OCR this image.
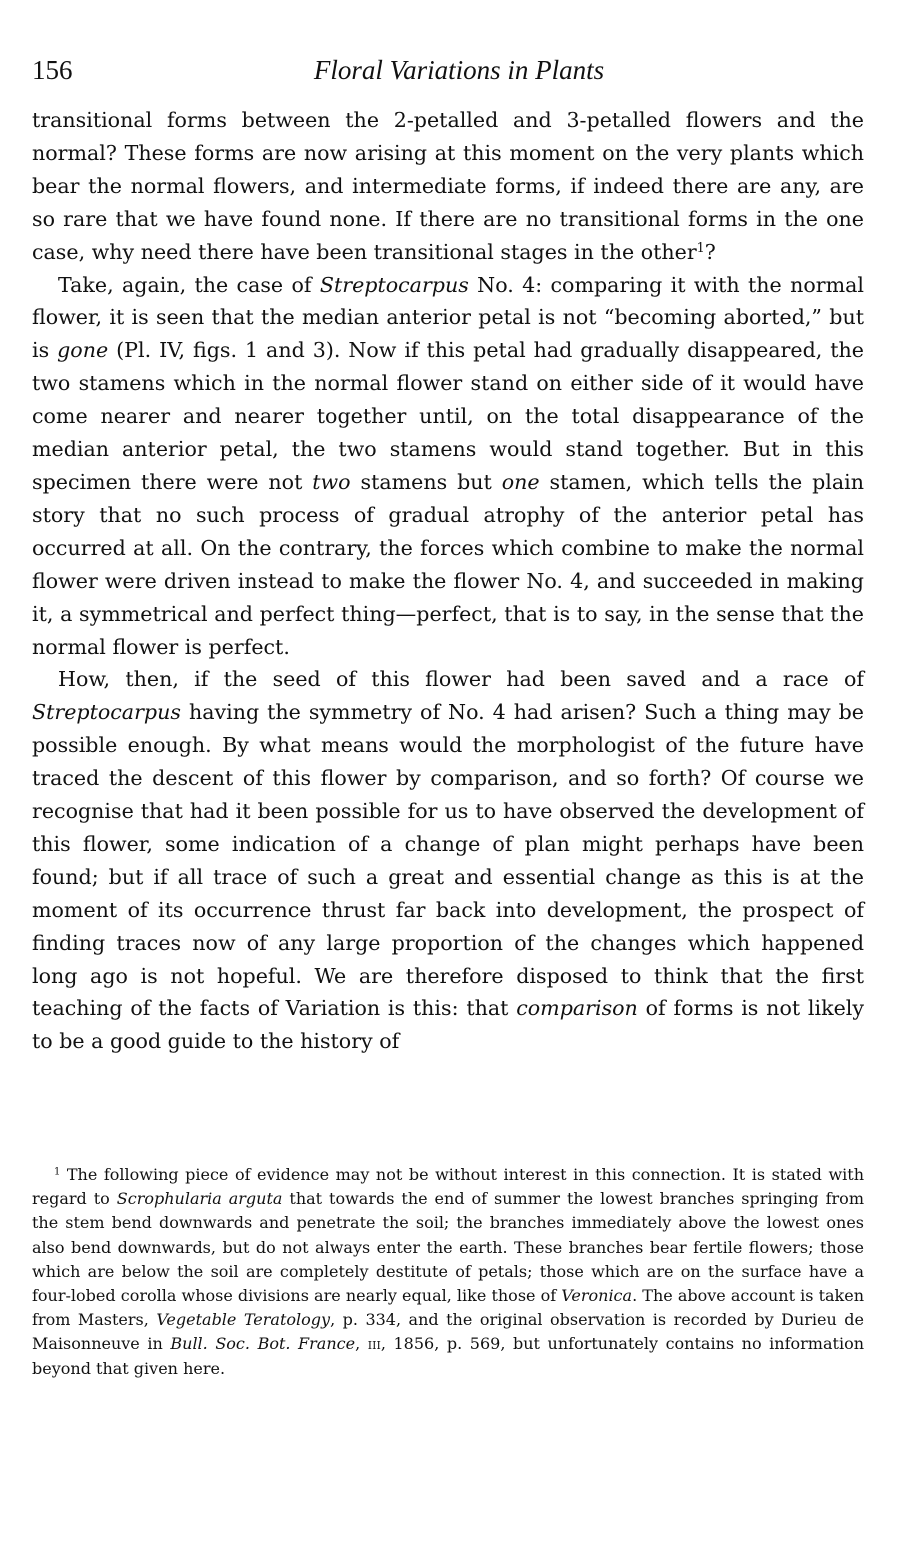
156	Floral Variations in Plants

transitional forms between the 2-petalled and 3-petalled flowers and the normal? These forms are now arising at this moment on the very plants which bear the normal flowers, and intermediate forms, if indeed there are any, are so rare that we have found none. If there are no transitional forms in the one case, why need there have been transitional stages in the other$^1$?

Take, again, the case of Streptocarpus No. 4: comparing it with the normal flower, it is seen that the median anterior petal is not “becoming aborted,” but is gone (Pl. IV, figs. 1 and 3). Now if this petal had gradually disappeared, the two stamens which in the normal flower stand on either side of it would have come nearer and nearer together until, on the total disappearance of the median anterior petal, the two stamens would stand together. But in this specimen there were not two stamens but one stamen, which tells the plain story that no such process of gradual atrophy of the anterior petal has occurred at all. On the contrary, the forces which combine to make the normal flower were driven instead to make the flower No. 4, and succeeded in making it, a symmetrical and perfect thing—perfect, that is to say, in the sense that the normal flower is perfect.

How, then, if the seed of this flower had been saved and a race of Streptocarpus having the symmetry of No. 4 had arisen? Such a thing may be possible enough. By what means would the morphologist of the future have traced the descent of this flower by comparison, and so forth? Of course we recognise that had it been possible for us to have observed the development of this flower, some indication of a change of plan might perhaps have been found; but if all trace of such a great and essential change as this is at the moment of its occurrence thrust far back into development, the prospect of finding traces now of any large proportion of the changes which happened long ago is not hopeful. We are therefore disposed to think that the first teaching of the facts of Variation is this: that comparison of forms is not likely to be a good guide to the history of

$^1$ The following piece of evidence may not be without interest in this connection. It is stated with regard to Scrophularia arguta that towards the end of summer the lowest branches springing from the stem bend downwards and penetrate the soil; the branches immediately above the lowest ones also bend downwards, but do not always enter the earth. These branches bear fertile flowers; those which are below the soil are completely destitute of petals; those which are on the surface have a four-lobed corolla whose divisions are nearly equal, like those of Veronica. The above account is taken from Masters, Vegetable Teratology, p. 334, and the original observation is recorded by Durieu de Maisonneuve in Bull. Soc. Bot. France, iii, 1856, p. 569, but unfortunately contains no information beyond that given here.
